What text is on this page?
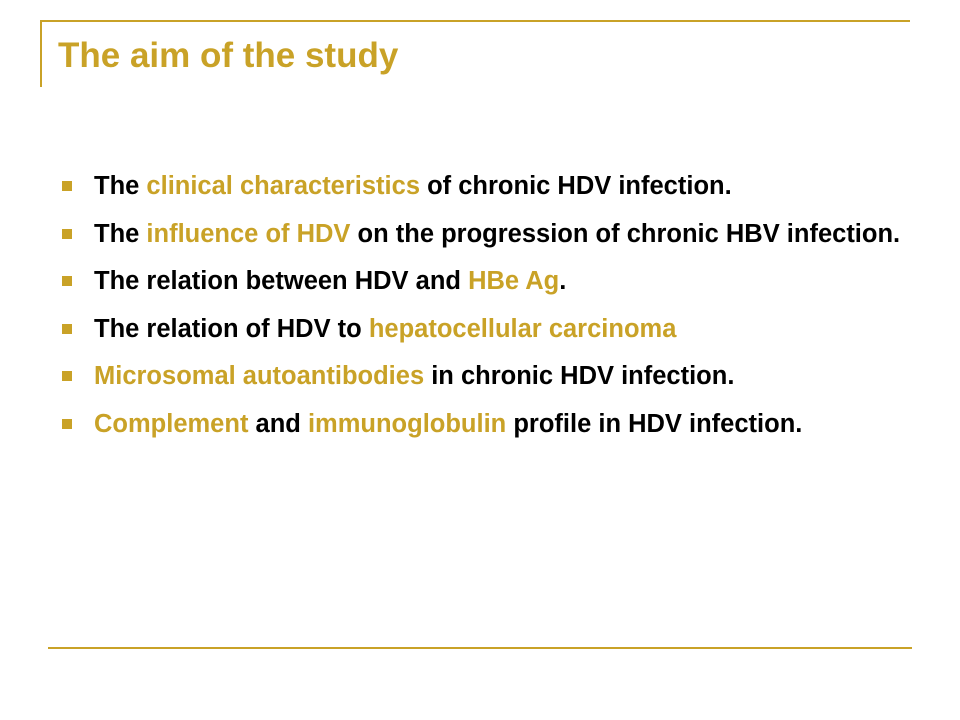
The aim of the study
The clinical characteristics of chronic HDV infection.
The influence of HDV on the progression of chronic HBV infection.
The relation between HDV and HBe Ag.
The relation of HDV to hepatocellular carcinoma
Microsomal autoantibodies in chronic HDV infection.
Complement and immunoglobulin profile in HDV infection.
